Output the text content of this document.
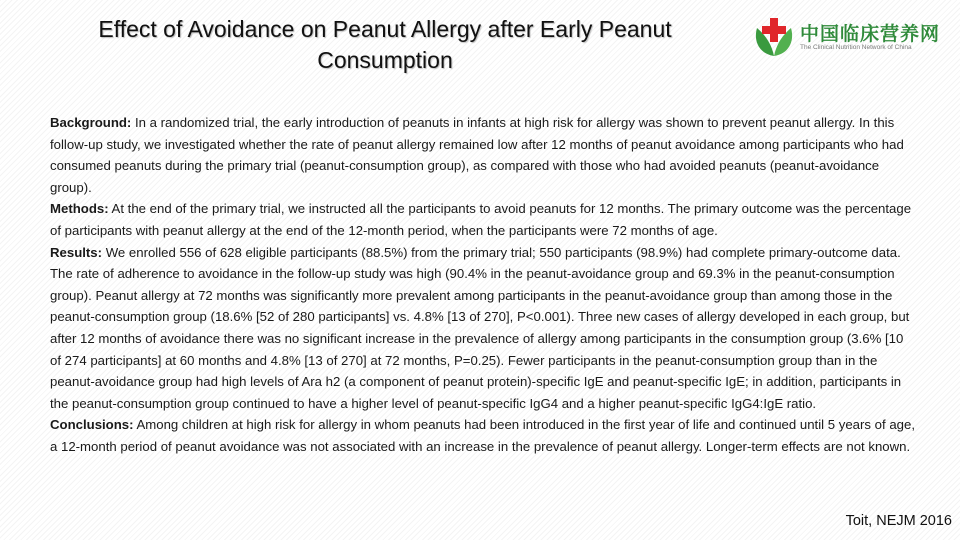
Effect of Avoidance on Peanut Allergy after Early Peanut Consumption
中国临床营养网
The Clinical Nutrition Network of China

Background: In a randomized trial, the early introduction of peanuts in infants at high risk for allergy was shown to prevent peanut allergy. In this follow-up study, we investigated whether the rate of peanut allergy remained low after 12 months of peanut avoidance among participants who had consumed peanuts during the primary trial (peanut-consumption group), as compared with those who had avoided peanuts (peanut-avoidance group).

Methods: At the end of the primary trial, we instructed all the participants to avoid peanuts for 12 months. The primary outcome was the percentage of participants with peanut allergy at the end of the 12-month period, when the participants were 72 months of age.

Results: We enrolled 556 of 628 eligible participants (88.5%) from the primary trial; 550 participants (98.9%) had complete primary-outcome data. The rate of adherence to avoidance in the follow-up study was high (90.4% in the peanut-avoidance group and 69.3% in the peanut-consumption group). Peanut allergy at 72 months was significantly more prevalent among participants in the peanut-avoidance group than among those in the peanut-consumption group (18.6% [52 of 280 participants] vs. 4.8% [13 of 270], P<0.001). Three new cases of allergy developed in each group, but after 12 months of avoidance there was no significant increase in the prevalence of allergy among participants in the consumption group (3.6% [10 of 274 participants] at 60 months and 4.8% [13 of 270] at 72 months, P=0.25). Fewer participants in the peanut-consumption group than in the peanut-avoidance group had high levels of Ara h2 (a component of peanut protein)-specific IgE and peanut-specific IgE; in addition, participants in the peanut-consumption group continued to have a higher level of peanut-specific IgG4 and a higher peanut-specific IgG4:IgE ratio.

Conclusions: Among children at high risk for allergy in whom peanuts had been introduced in the first year of life and continued until 5 years of age, a 12-month period of peanut avoidance was not associated with an increase in the prevalence of peanut allergy. Longer-term effects are not known.

Toit, NEJM 2016
